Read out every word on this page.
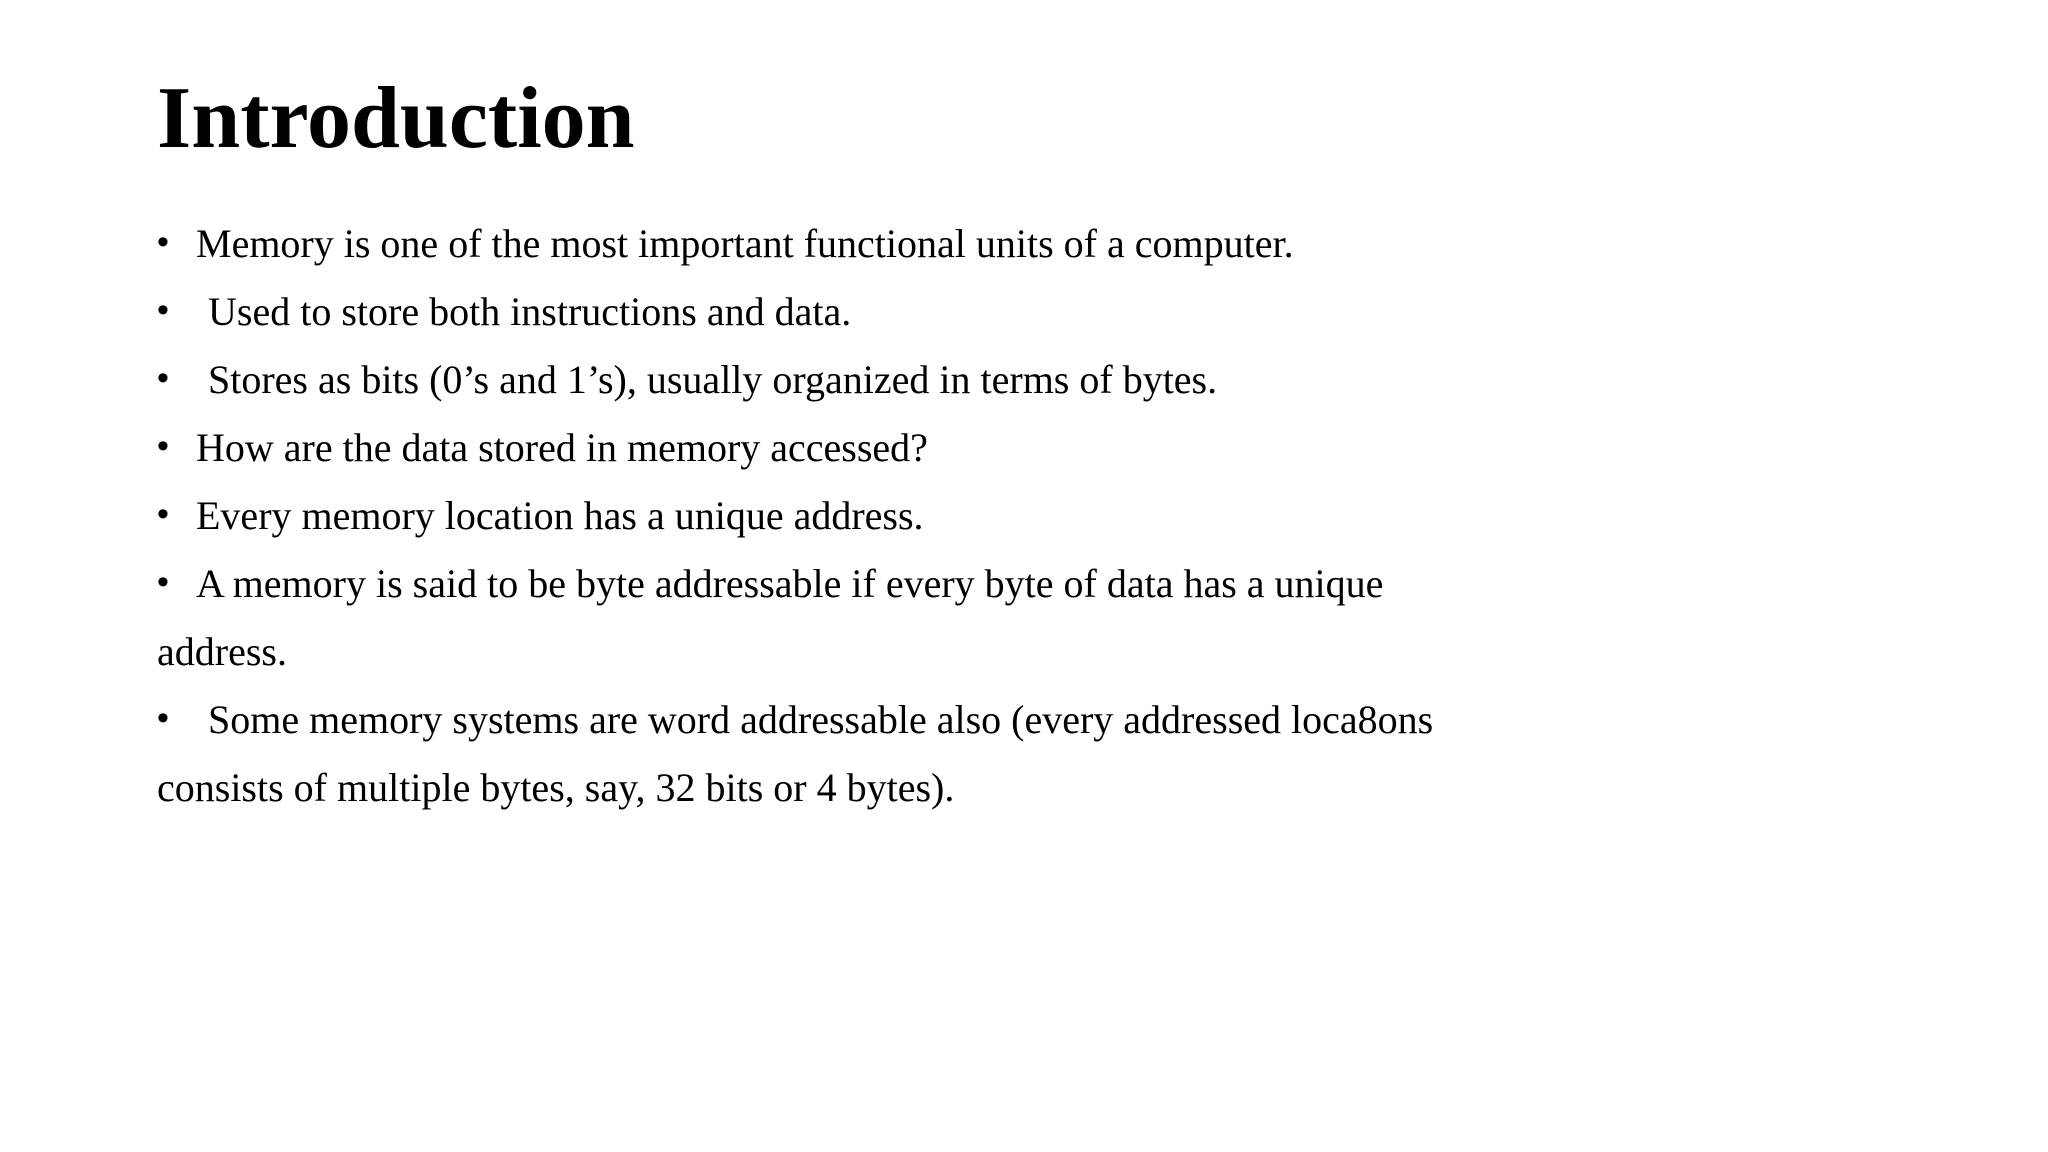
Introduction
• Memory is one of the most important functional units of a computer.
• Used to store both instructions and data.
• Stores as bits (0’s and 1’s), usually organized in terms of bytes.
• How are the data stored in memory accessed?
• Every memory location has a unique address.
• A memory is said to be byte addressable if every byte of data has a unique
address.
• Some memory systems are word addressable also (every addressed loca8ons
consists of multiple bytes, say, 32 bits or 4 bytes).
